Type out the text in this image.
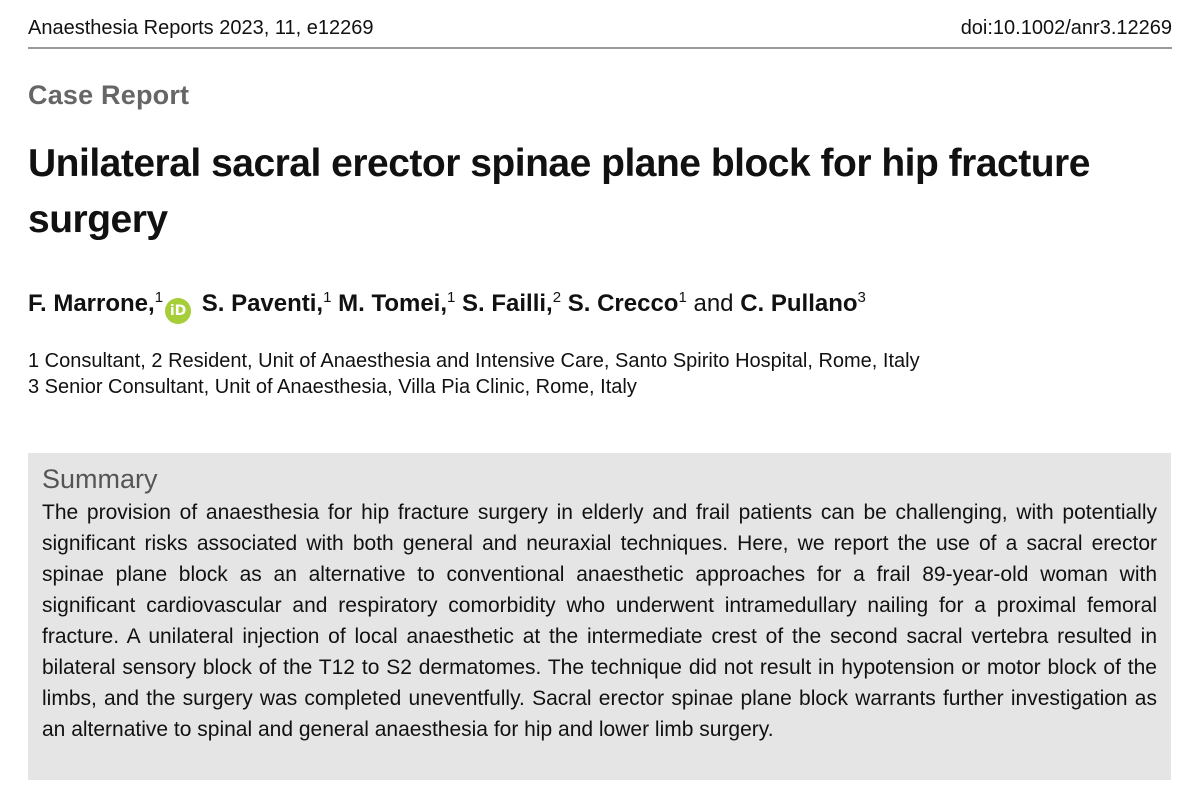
Anaesthesia Reports 2023, 11, e12269	doi:10.1002/anr3.12269
Case Report
Unilateral sacral erector spinae plane block for hip fracture surgery
F. Marrone,$^1$iD S. Paventi,$^1$ M. Tomei,$^1$ S. Failli,$^2$ S. Crecco$^1$ and C. Pullano$^3$
1 Consultant, 2 Resident, Unit of Anaesthesia and Intensive Care, Santo Spirito Hospital, Rome, Italy
3 Senior Consultant, Unit of Anaesthesia, Villa Pia Clinic, Rome, Italy
Summary

The provision of anaesthesia for hip fracture surgery in elderly and frail patients can be challenging, with potentially significant risks associated with both general and neuraxial techniques. Here, we report the use of a sacral erector spinae plane block as an alternative to conventional anaesthetic approaches for a frail 89-year-old woman with significant cardiovascular and respiratory comorbidity who underwent intramedullary nailing for a proximal femoral fracture. A unilateral injection of local anaesthetic at the intermediate crest of the second sacral vertebra resulted in bilateral sensory block of the T12 to S2 dermatomes. The technique did not result in hypotension or motor block of the limbs, and the surgery was completed uneventfully. Sacral erector spinae plane block warrants further investigation as an alternative to spinal and general anaesthesia for hip and lower limb surgery.
